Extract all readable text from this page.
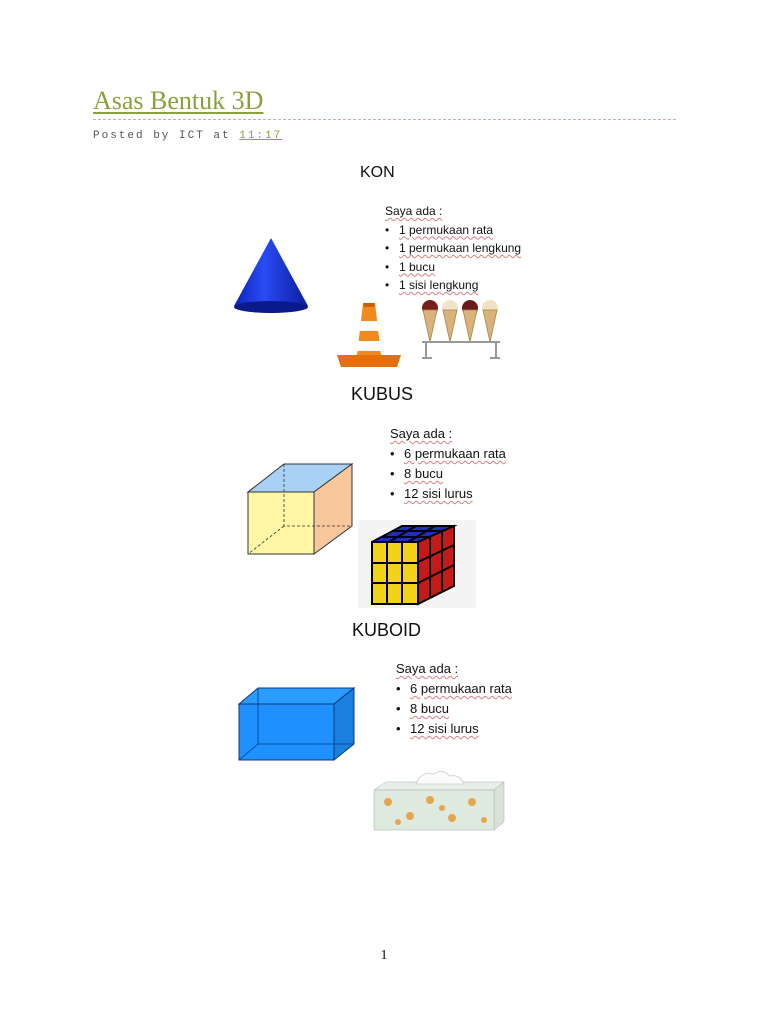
Asas Bentuk 3D
Posted by ICT at 11:17
KON
Saya ada :
• 1 permukaan rata
• 1 permukaan lengkung
• 1 bucu
• 1 sisi lengkung
KUBUS
Saya ada :
• 6 permukaan rata
• 8 bucu
• 12 sisi lurus
KUBOID
Saya ada :
• 6 permukaan rata
• 8 bucu
• 12 sisi lurus
1
